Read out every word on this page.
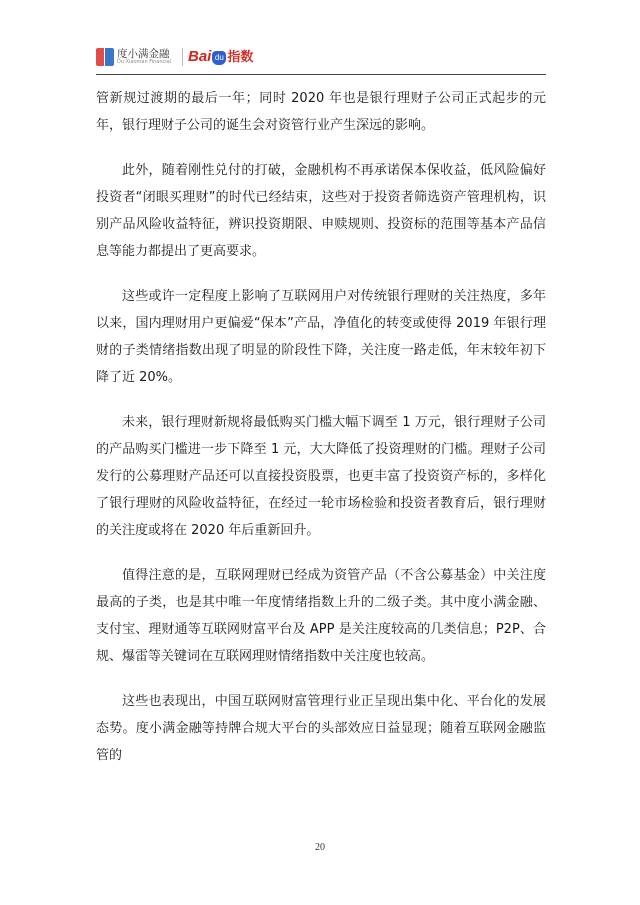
度小满金融
Du Xiaoman Financial Bai du 指数

管新规过渡期的最后一年；同时 2020 年也是银行理财子公司正式起步的元年，银行理财子公司的诞生会对资管行业产生深远的影响。

此外，随着刚性兑付的打破，金融机构不再承诺保本保收益，低风险偏好投资者“闭眼买理财”的时代已经结束，这些对于投资者筛选资产管理机构，识别产品风险收益特征，辨识投资期限、申赎规则、投资标的范围等基本产品信息等能力都提出了更高要求。

这些或许一定程度上影响了互联网用户对传统银行理财的关注热度，多年以来，国内理财用户更偏爱“保本”产品，净值化的转变或使得 2019 年银行理财的子类情绪指数出现了明显的阶段性下降，关注度一路走低，年末较年初下降了近 20%。

未来，银行理财新规将最低购买门槛大幅下调至 1 万元，银行理财子公司的产品购买门槛进一步下降至 1 元，大大降低了投资理财的门槛。理财子公司发行的公募理财产品还可以直接投资股票，也更丰富了投资资产标的，多样化了银行理财的风险收益特征，在经过一轮市场检验和投资者教育后，银行理财的关注度或将在 2020 年后重新回升。

值得注意的是，互联网理财已经成为资管产品（不含公募基金）中关注度最高的子类，也是其中唯一年度情绪指数上升的二级子类。其中度小满金融、支付宝、理财通等互联网财富平台及 APP 是关注度较高的几类信息；P2P、合规、爆雷等关键词在互联网理财情绪指数中关注度也较高。

这些也表现出，中国互联网财富管理行业正呈现出集中化、平台化的发展态势。度小满金融等持牌合规大平台的头部效应日益显现；随着互联网金融监管的

20
